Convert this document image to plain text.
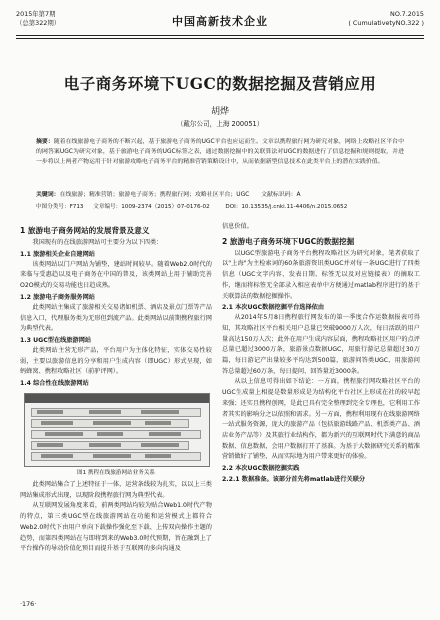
2015年第7期
（总第322期）	中国高新技术企业
NO.7.2015
( CumulativetyNO.322 )
电子商务环境下UGC的数据挖掘及营销应用
胡烨
（戴尔公司，上海 200051）
摘要：随着在线旅游电子商务的不断兴起，基于旅游电子商务的UGC平台也应运而生。文章以携程旅行网为研究对象，网络上攻略社区平台中的网答案UGC为研究对象，基于旅游电子商务的UGC标签之表，通过数据挖掘中的关联算法对UGC的数据进行了信息挖掘和规则提取，并进一步将以上两者产物运用于针对旅游攻略电子商务平台的精准营销策略设计中，从而依据新型信息技术在此类平台上的潜在实践价值。
关键词：在线旅游；精准营销；旅游电子商务；携程旅行网；攻略社区平台；UGC 文献标识码：A
中图分类号：F713 文章编号：1009-2374（2015）07-0176-02	DOI：10.13535/j.cnki.11-4406/n.2015.0652
1 旅游电子商务网站的发展背景及意义

我国现有的在线旅游网站可主要分为以下四类：

1.1 旅游相关企业自建网站

该类网站以门户网站为铺垫，建站时间较早。随着Web2.0时代的来临与受惠趋以及电子商务在中国的普及，该类网站上用于辅助完善O2O模式的交易功能也日趋成熟。

1.2 旅游电子商务服务网站

此类网站主集成了旅游相关交易诸如机票、酒店及景点门票等产品信息入口，代理服务类为无形但到流产品。此类网站以前期携程旅行网为典型代表。

1.3 UGC型在线旅游网站

此类网站主营无形产品，平台用户为主体化特征，实体交易性较弱，主要以旅游信息的分享和用户生成内容（即UGC）形式呈现，如蚂蜂窝、携程攻略社区（前驴评网）。

1.4 综合性在线旅游网站
图1 携程在线旅游网站业务关系

此类网站集合了上述特征于一体，运营条线较为扎实，以以上三类网站集成形式出现，以现阶段携程旅行网为典型代表。

从互联网发展角度来看，前两类网站均较为贴合Web1.0时代产物的特点，第三类UGC型在线旅游网站在功能和运营模式上都符合Web2.0时代下由用户单向下载操作强化至下载、上传双向操作主题的趋势，而第四类网站在与即将到来的Web3.0时代预期，旨在融到上了平台操作的导动价值化预目而提升基于互联网的多向沟通及

信息价值。

2 旅游电子商务环境下UGC的数据挖掘

以UGC型旅游电子商务平台携程攻略社区为研究对象，笔者获取了以"上海"为主检索词的60条旅游资讯类UGC并对每一条UGC进行了四类信息（UGC文字内容、发表日期、标签无以及对应链接表）的摘取工作，继而将标签无全部录入相应表单中方便通过matlab程序进行的基于关联算法的数据挖掘操作。

2.1 本次UGC数据挖掘平台选择依由

从2014年5月8日携程旅行网发布的第一季度合作运数据报表可得知，其攻略社区平台相关用户总量已突破9000万人次，每日活跃的用户量高达150万人次；此外在用户生成内容层面，携程攻略社区用户的点评总量已超过3000万条，旅游景点数据UGC，用旅行游记总量超过30万篇，每日游记产出量较多平均达到500篇，旅游问答类UGC，用旅游问答总量超过60万条，每日提问、回答量近3000条。

从以上信息可得出如下结论：一方面，携程旅行网攻略社区平台的UGC生成量上相提是数量形成是为结构化平台社区上形成在社的较早起来强；还实且携程创网，是此已具有完全整理到完全专理也，它利用工作者其实的影响分之以依照和需求。另一方面，携程利用现有在线旅游网络一站式服务资源，庞大的旅游产品（包括旅游线路产品、机票类产品、酒店业务产品等）及其旅行业结构作，都为新兴的互联网时代下满意的商品数据、信息数据，会用户数据打开了基准。为基于大数据研究关系的精准营销做好了铺垫，从而实际地为用户带来更好的体验。

2.2 本次UGC数据挖掘实践
2.2.1 数据准备。该部分首先将matlab进行关联分
·176·
